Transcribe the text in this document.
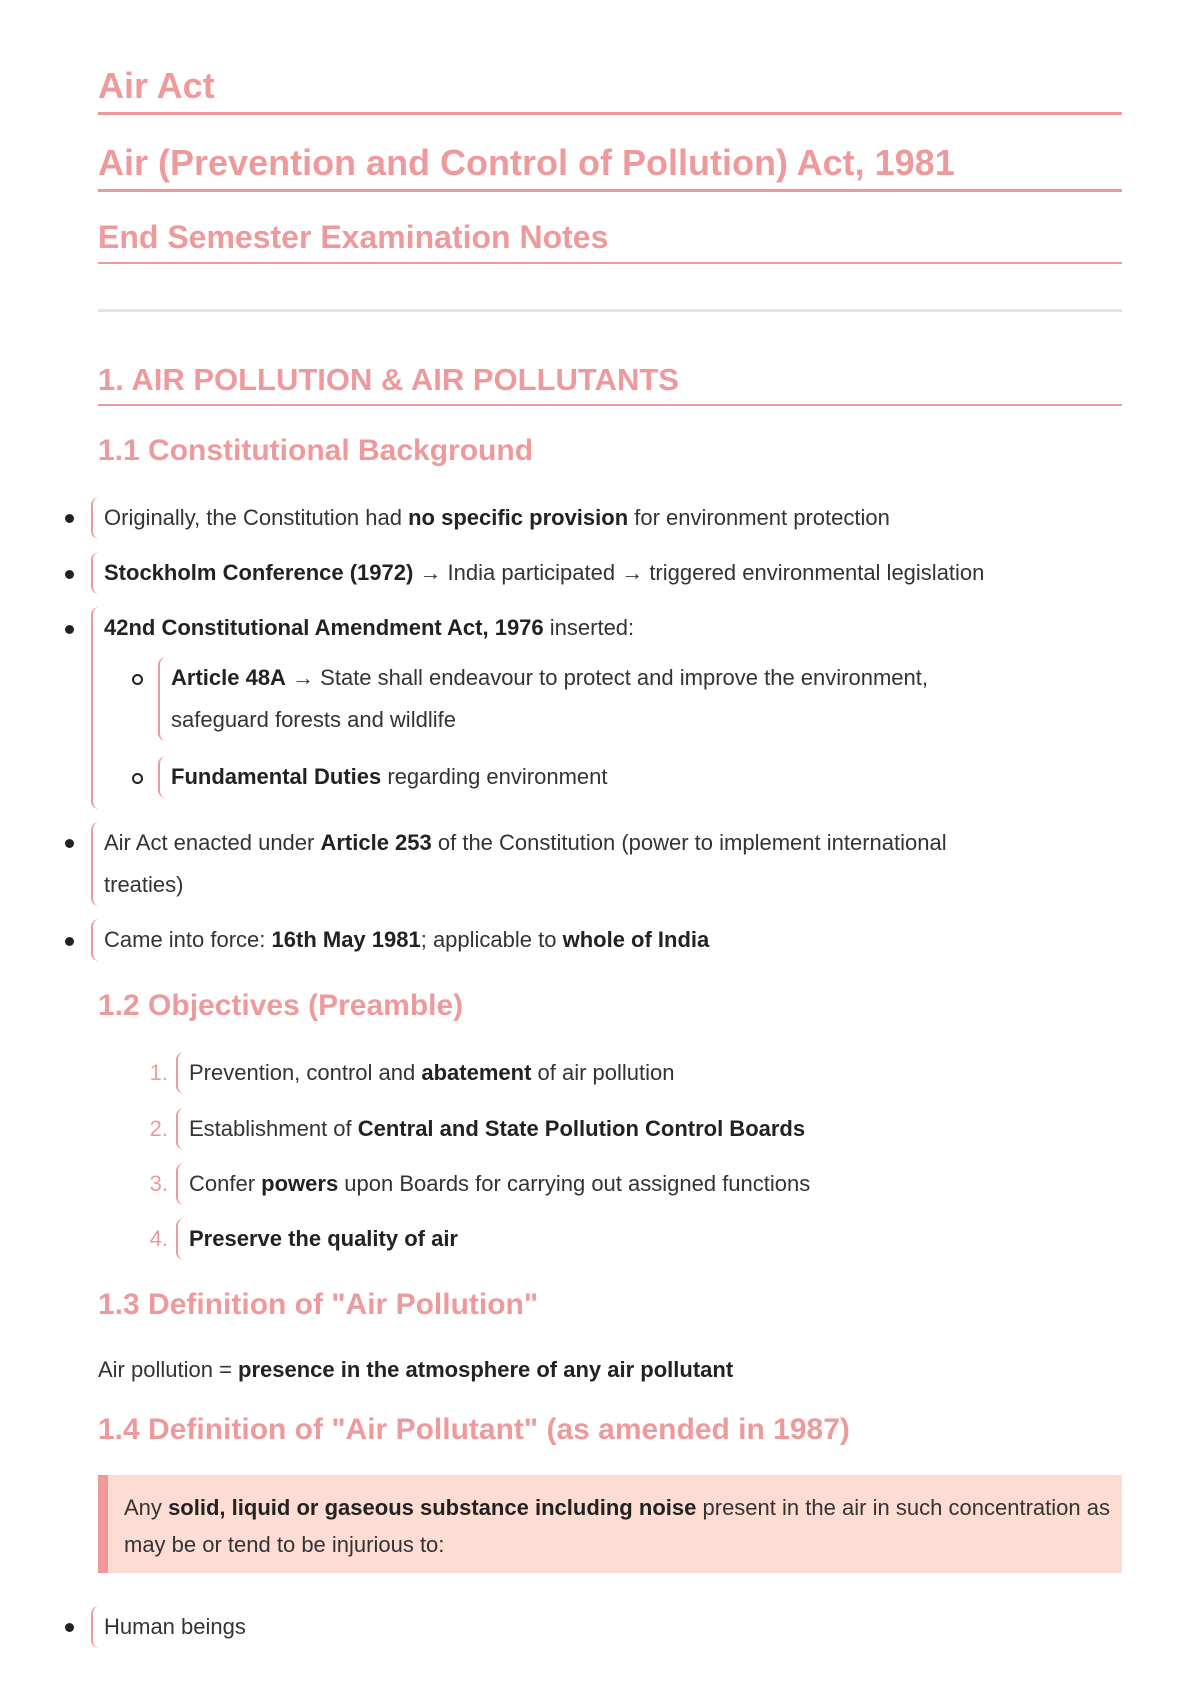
Air Act
Air (Prevention and Control of Pollution) Act, 1981
End Semester Examination Notes
1. AIR POLLUTION & AIR POLLUTANTS
1.1 Constitutional Background
Originally, the Constitution had no specific provision for environment protection
Stockholm Conference (1972) → India participated → triggered environmental legislation
42nd Constitutional Amendment Act, 1976 inserted:
Article 48A → State shall endeavour to protect and improve the environment,
safeguard forests and wildlife
Fundamental Duties regarding environment
Air Act enacted under Article 253 of the Constitution (power to implement international
treaties)
Came into force: 16th May 1981; applicable to whole of India
1.2 Objectives (Preamble)
1. Prevention, control and abatement of air pollution
2. Establishment of Central and State Pollution Control Boards
3. Confer powers upon Boards for carrying out assigned functions
4. Preserve the quality of air
1.3 Definition of "Air Pollution"
Air pollution = presence in the atmosphere of any air pollutant
1.4 Definition of "Air Pollutant" (as amended in 1987)
Any solid, liquid or gaseous substance including noise present in the air in such concentration as may be or tend to be injurious to:
Human beings
